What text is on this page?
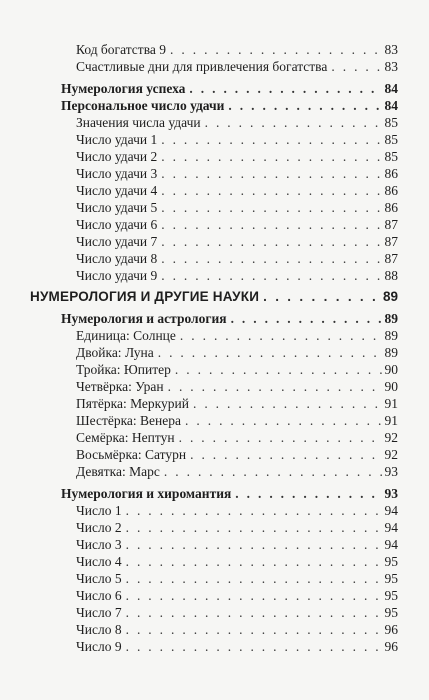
Код богатства 9 . . .	83
Счастливые дни для привлечения богатства . . .	83
Нумерология успеха . . .	84
Персональное число удачи . . .	84
Значения числа удачи . . .	85
Число удачи 1 . . .	85
Число удачи 2 . . .	85
Число удачи 3 . . .	86
Число удачи 4 . . .	86
Число удачи 5 . . .	86
Число удачи 6 . . .	87
Число удачи 7 . . .	87
Число удачи 8 . . .	87
Число удачи 9 . . .	88
НУМЕРОЛОГИЯ И ДРУГИЕ НАУКИ . . .	89
Нумерология и астрология . . .	89
Единица: Солнце . . .	89
Двойка: Луна . . .	89
Тройка: Юпитер . . .	90
Четвёрка: Уран . . .	90
Пятёрка: Меркурий . . .	91
Шестёрка: Венера . . .	91
Семёрка: Нептун . . .	92
Восьмёрка: Сатурн . . .	92
Девятка: Марс . . .	93
Нумерология и хиромантия . . .	93
Число 1 . . .	94
Число 2 . . .	94
Число 3 . . .	94
Число 4 . . .	95
Число 5 . . .	95
Число 6 . . .	95
Число 7 . . .	95
Число 8 . . .	96
Число 9 . . .	96
